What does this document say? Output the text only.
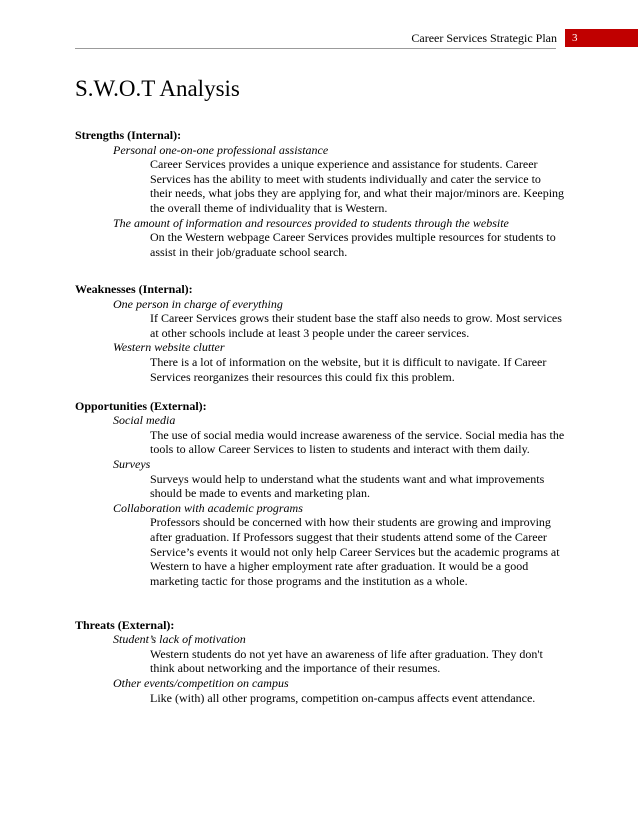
Career Services Strategic Plan	3
S.W.O.T Analysis
Strengths (Internal):
Personal one-on-one professional assistance
Career Services provides a unique experience and assistance for students. Career Services has the ability to meet with students individually and cater the service to their needs, what jobs they are applying for, and what their major/minors are. Keeping the overall theme of individuality that is Western.
The amount of information and resources provided to students through the website
On the Western webpage Career Services provides multiple resources for students to assist in their job/graduate school search.
Weaknesses (Internal):
One person in charge of everything
If Career Services grows their student base the staff also needs to grow. Most services at other schools include at least 3 people under the career services.
Western website clutter
There is a lot of information on the website, but it is difficult to navigate. If Career Services reorganizes their resources this could fix this problem.
Opportunities (External):
Social media
The use of social media would increase awareness of the service. Social media has the tools to allow Career Services to listen to students and interact with them daily.
Surveys
Surveys would help to understand what the students want and what improvements should be made to events and marketing plan.
Collaboration with academic programs
Professors should be concerned with how their students are growing and improving after graduation. If Professors suggest that their students attend some of the Career Service’s events it would not only help Career Services but the academic programs at Western to have a higher employment rate after graduation. It would be a good marketing tactic for those programs and the institution as a whole.
Threats (External):
Student’s lack of motivation
Western students do not yet have an awareness of life after graduation. They don't think about networking and the importance of their resumes.
Other events/competition on campus
Like (with) all other programs, competition on-campus affects event attendance.
